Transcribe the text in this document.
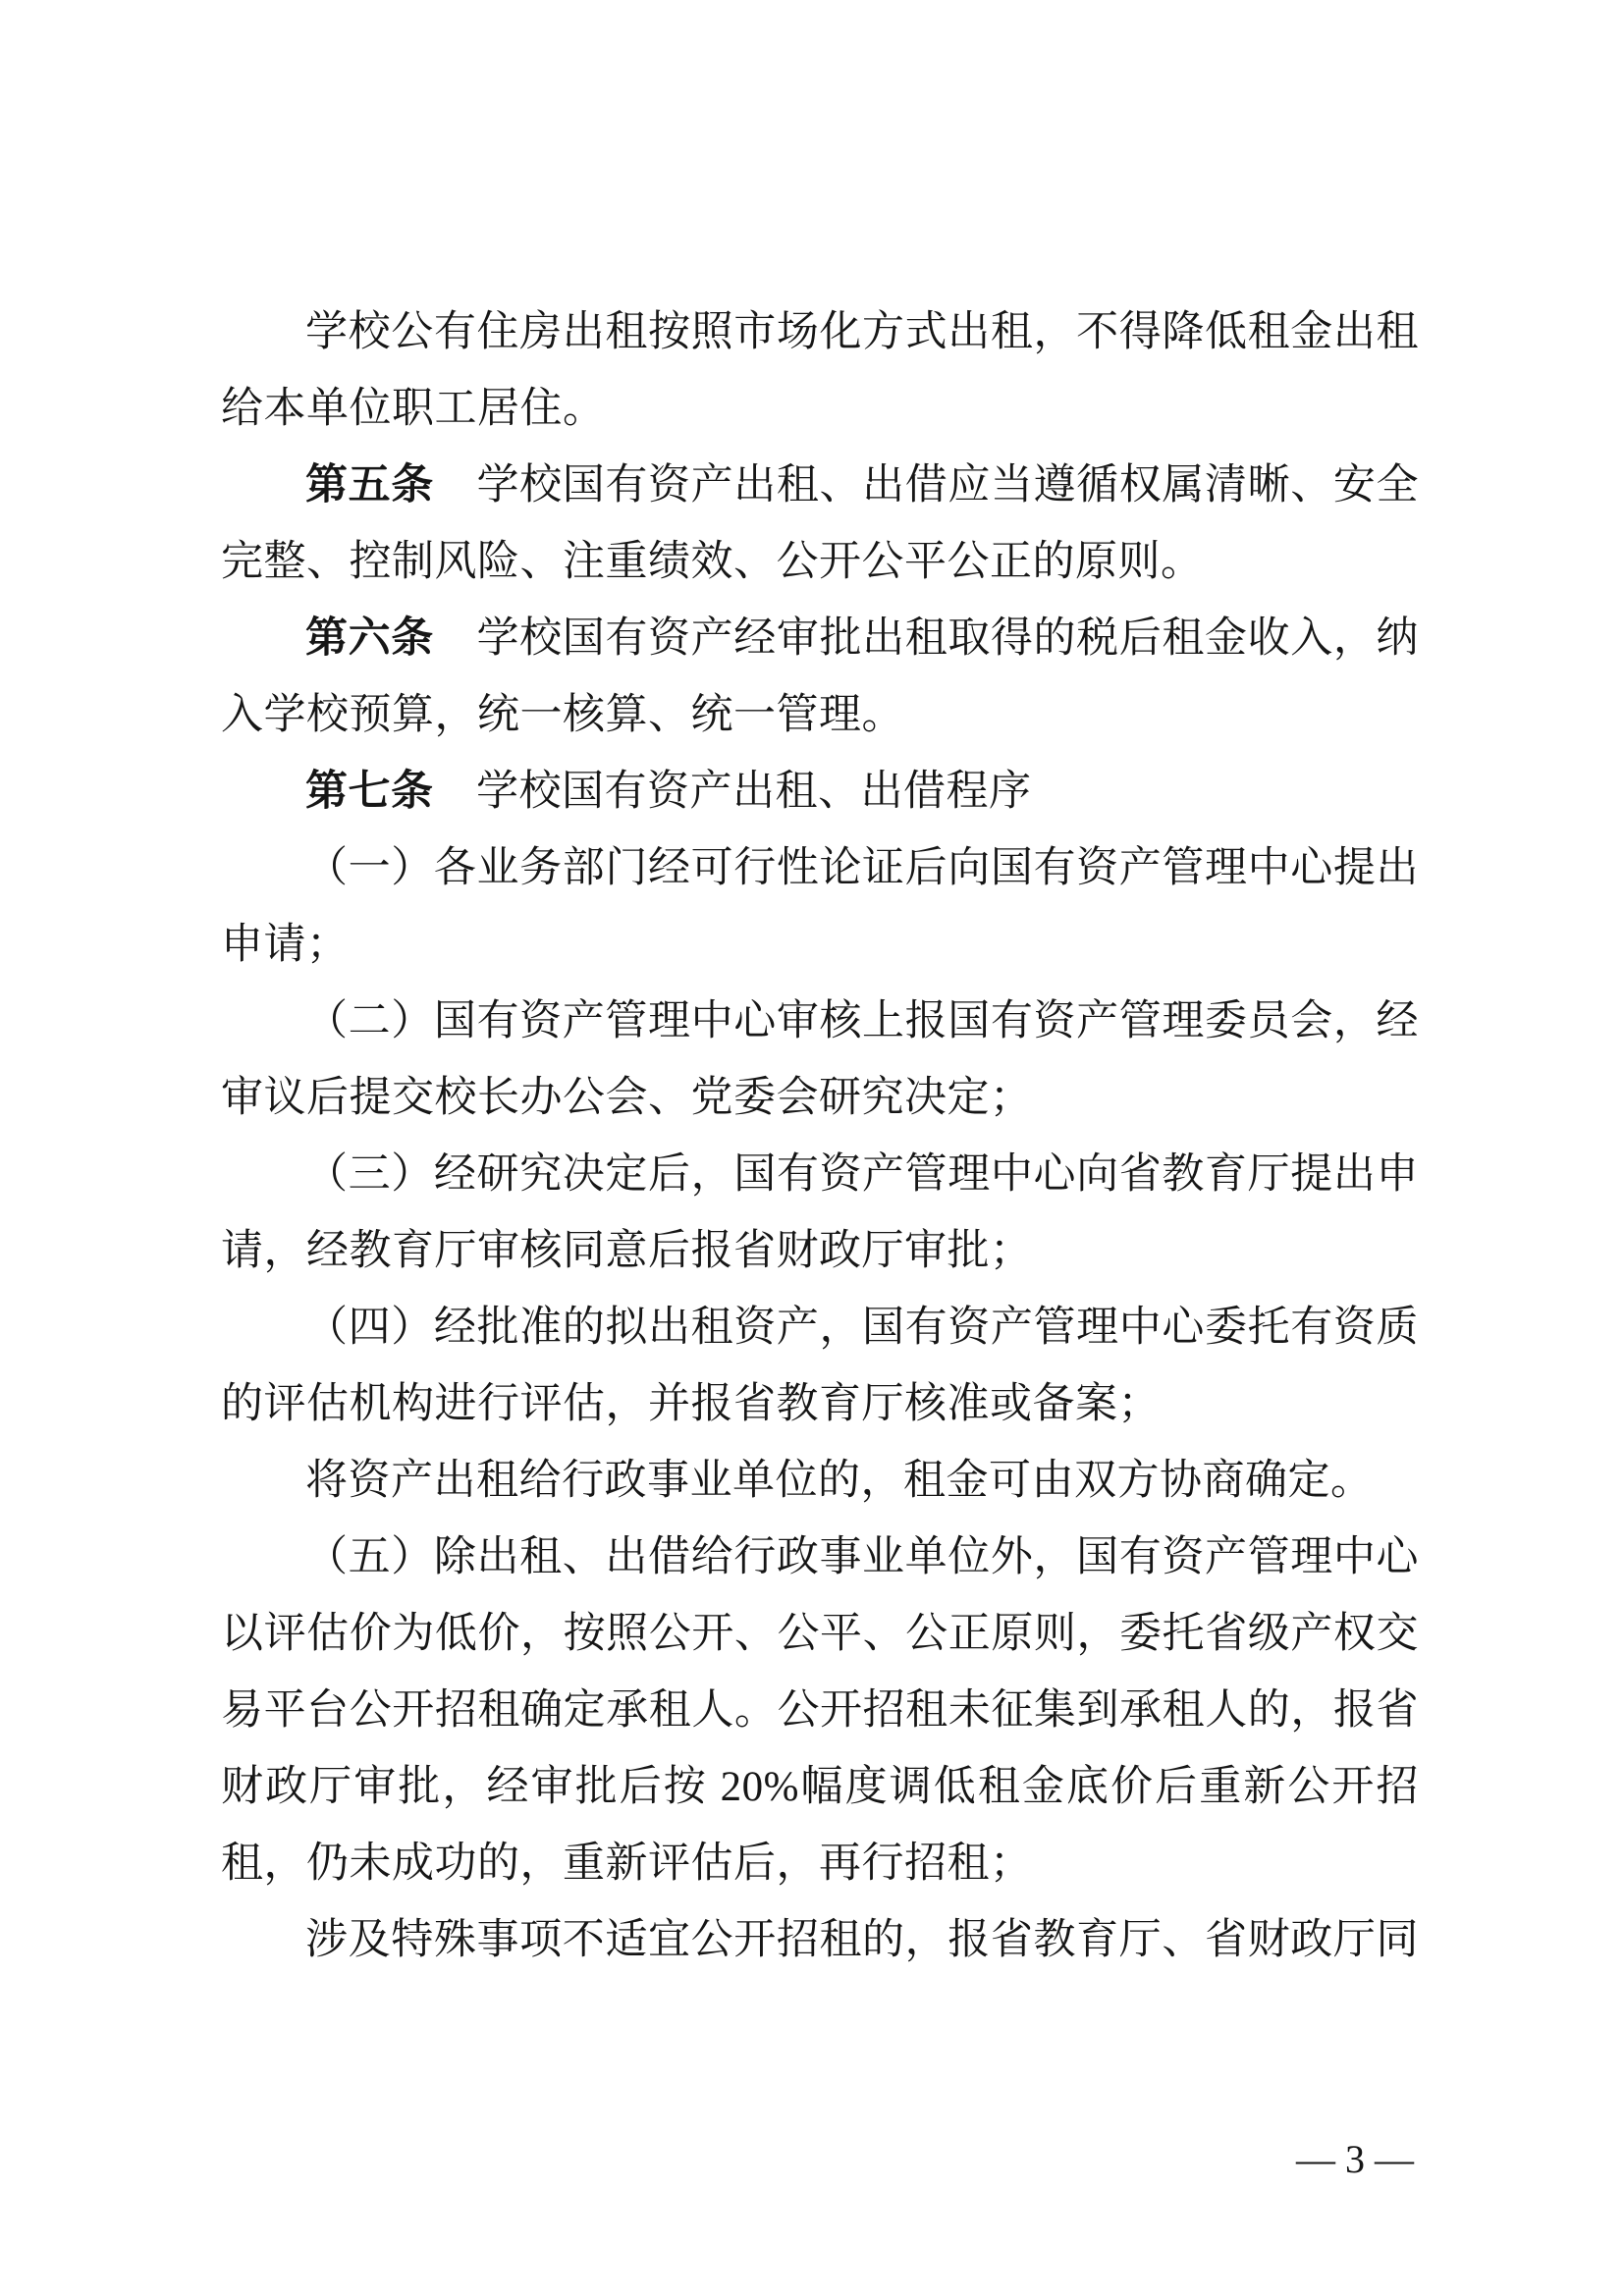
学校公有住房出租按照市场化方式出租，不得降低租金出租
给本单位职工居住。
第五条　学校国有资产出租、出借应当遵循权属清晰、安全
完整、控制风险、注重绩效、公开公平公正的原则。
第六条　学校国有资产经审批出租取得的税后租金收入，纳
入学校预算，统一核算、统一管理。
第七条　学校国有资产出租、出借程序
（一）各业务部门经可行性论证后向国有资产管理中心提出
申请；
（二）国有资产管理中心审核上报国有资产管理委员会，经
审议后提交校长办公会、党委会研究决定；
（三）经研究决定后，国有资产管理中心向省教育厅提出申
请，经教育厅审核同意后报省财政厅审批；
（四）经批准的拟出租资产，国有资产管理中心委托有资质
的评估机构进行评估，并报省教育厅核准或备案；
将资产出租给行政事业单位的，租金可由双方协商确定。
（五）除出租、出借给行政事业单位外，国有资产管理中心
以评估价为低价，按照公开、公平、公正原则，委托省级产权交
易平台公开招租确定承租人。公开招租未征集到承租人的，报省
财政厅审批，经审批后按 20%幅度调低租金底价后重新公开招
租，仍未成功的，重新评估后，再行招租；
涉及特殊事项不适宜公开招租的，报省教育厅、省财政厅同
— 3 —
